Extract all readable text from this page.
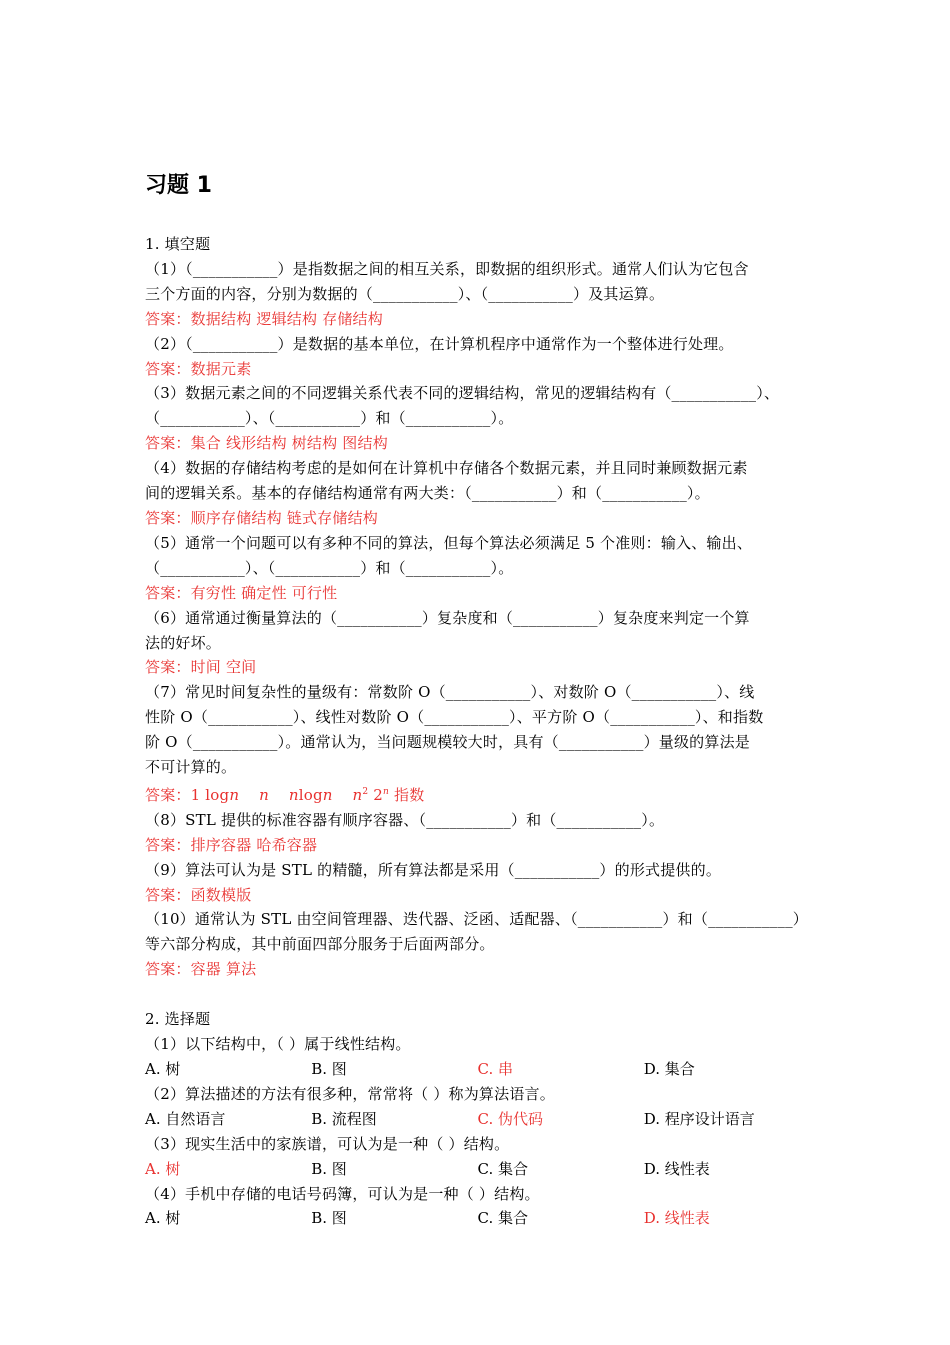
习题 1

1. 填空题

（1）（___________）是指数据之间的相互关系，即数据的组织形式。通常人们认为它包含

三个方面的内容，分别为数据的（___________）、（___________）及其运算。

答案：数据结构 逻辑结构 存储结构

（2）（___________）是数据的基本单位，在计算机程序中通常作为一个整体进行处理。

答案：数据元素

（3）数据元素之间的不同逻辑关系代表不同的逻辑结构，常见的逻辑结构有（___________）、

（___________）、（___________）和（___________）。

答案：集合 线形结构 树结构 图结构

（4）数据的存储结构考虑的是如何在计算机中存储各个数据元素，并且同时兼顾数据元素

间的逻辑关系。基本的存储结构通常有两大类：（___________）和（___________）。

答案：顺序存储结构 链式存储结构

（5）通常一个问题可以有多种不同的算法，但每个算法必须满足 5 个准则：输入、输出、

（___________）、（___________）和（___________）。

答案：有穷性 确定性 可行性

（6）通常通过衡量算法的（___________）复杂度和（___________）复杂度来判定一个算

法的好坏。

答案：时间 空间

（7）常见时间复杂性的量级有：常数阶 O（___________）、对数阶 O（___________）、线

性阶 O（___________）、线性对数阶 O（___________）、平方阶 O（___________）、和指数

阶 O（___________）。通常认为，当问题规模较大时，具有（___________）量级的算法是

不可计算的。

答案：1 logn n nlogn $n^2$ 2$^n$ 指数

（8）STL 提供的标准容器有顺序容器、（___________）和（___________）。

答案：排序容器 哈希容器

（9）算法可认为是 STL 的精髓，所有算法都是采用（___________）的形式提供的。

答案：函数模版

（10）通常认为 STL 由空间管理器、迭代器、泛函、适配器、（___________）和（___________）

等六部分构成，其中前面四部分服务于后面两部分。

答案：容器 算法

2. 选择题

（1）以下结构中，（ ）属于线性结构。

A. 树	B. 图	C. 串	D. 集合

（2）算法描述的方法有很多种，常常将（ ）称为算法语言。

A. 自然语言	B. 流程图	C. 伪代码	D. 程序设计语言

（3）现实生活中的家族谱，可认为是一种（ ）结构。

A. 树	B. 图	C. 集合	D. 线性表

（4）手机中存储的电话号码簿，可认为是一种（ ）结构。

A. 树	B. 图	C. 集合	D. 线性表
